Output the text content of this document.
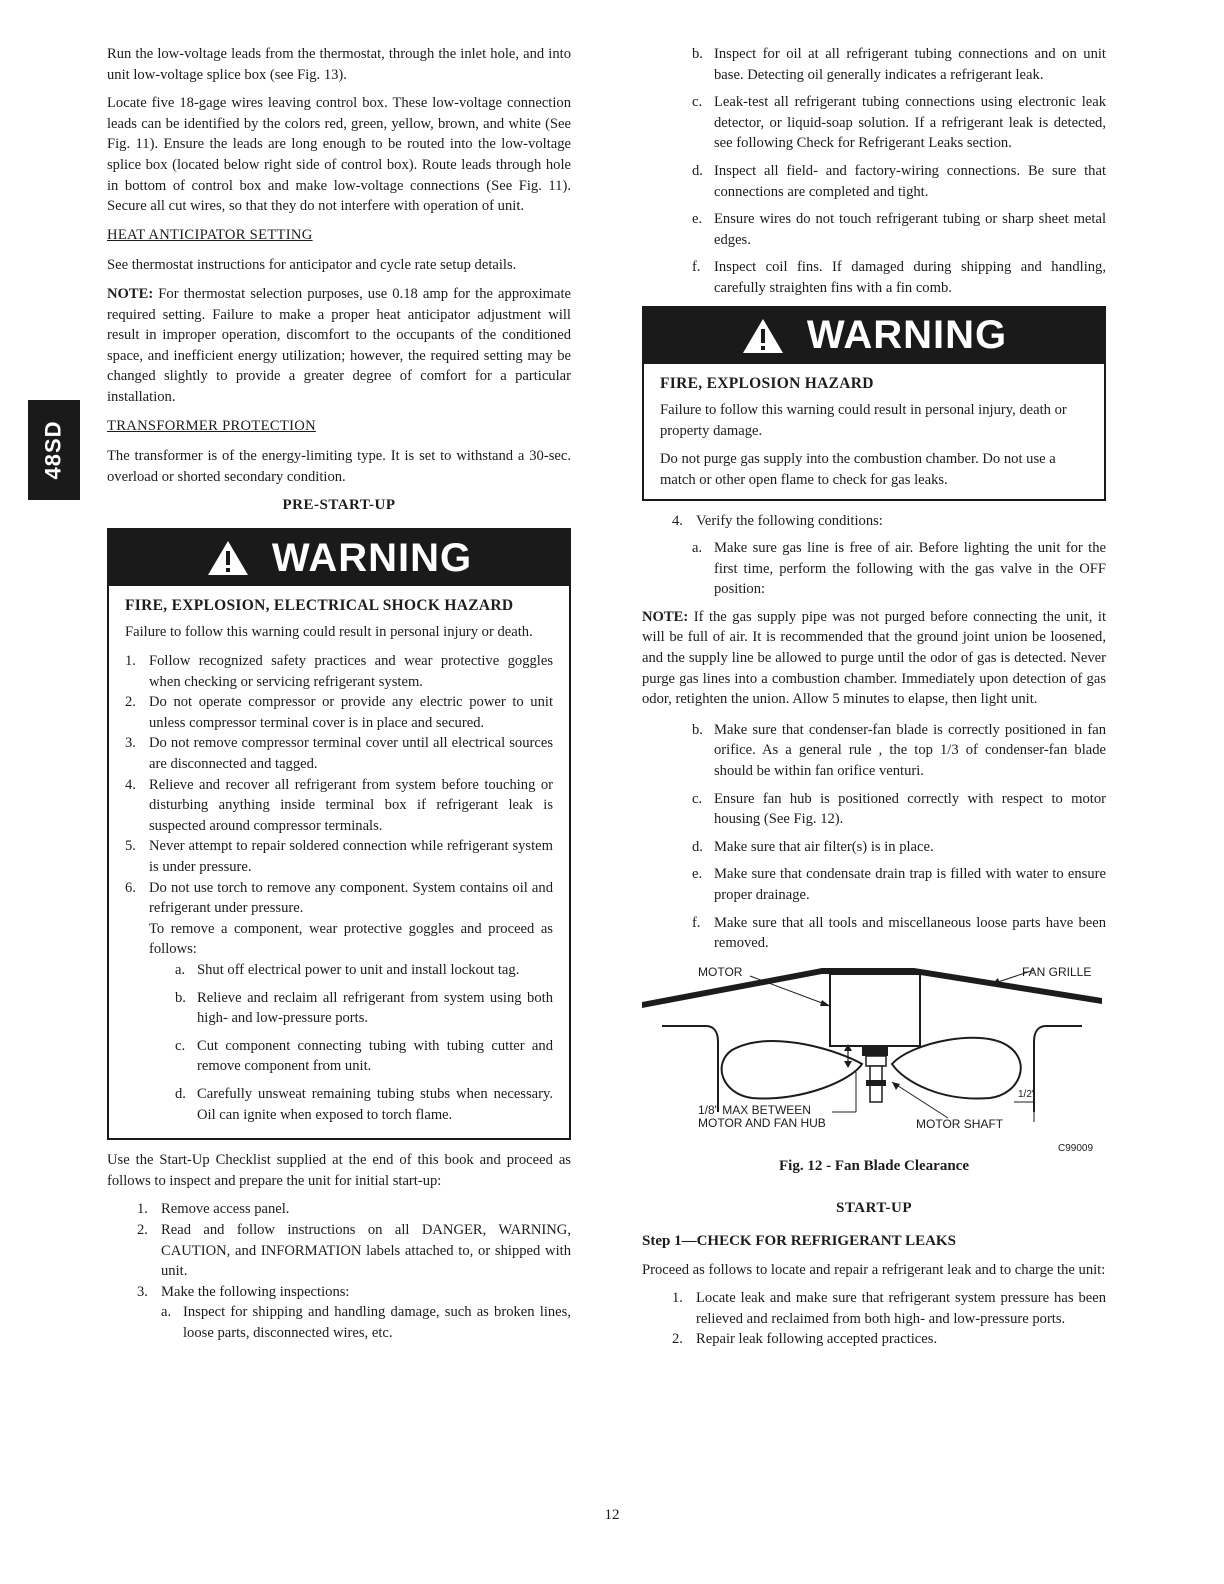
48SD

Run the low-voltage leads from the thermostat, through the inlet hole, and into unit low-voltage splice box (see Fig. 13).

Locate five 18-gage wires leaving control box. These low-voltage connection leads can be identified by the colors red, green, yellow, brown, and white (See Fig. 11). Ensure the leads are long enough to be routed into the low-voltage splice box (located below right side of control box). Route leads through hole in bottom of control box and make low-voltage connections (See Fig. 11). Secure all cut wires, so that they do not interfere with operation of unit.

HEAT ANTICIPATOR SETTING

See thermostat instructions for anticipator and cycle rate setup details.

NOTE: For thermostat selection purposes, use 0.18 amp for the approximate required setting. Failure to make a proper heat anticipator adjustment will result in improper operation, discomfort to the occupants of the conditioned space, and inefficient energy utilization; however, the required setting may be changed slightly to provide a greater degree of comfort for a particular installation.

TRANSFORMER PROTECTION

The transformer is of the energy-limiting type. It is set to withstand a 30-sec. overload or shorted secondary condition.

PRE-START-UP
WARNING
FIRE, EXPLOSION, ELECTRICAL SHOCK HAZARD

Failure to follow this warning could result in personal injury or death.

1. Follow recognized safety practices and wear protective goggles when checking or servicing refrigerant system.
2. Do not operate compressor or provide any electric power to unit unless compressor terminal cover is in place and secured.
3. Do not remove compressor terminal cover until all electrical sources are disconnected and tagged.
4. Relieve and recover all refrigerant from system before touching or disturbing anything inside terminal box if refrigerant leak is suspected around compressor terminals.
5. Never attempt to repair soldered connection while refrigerant system is under pressure.
6. Do not use torch to remove any component. System contains oil and refrigerant under pressure.
To remove a component, wear protective goggles and proceed as follows:
a. Shut off electrical power to unit and install lockout tag.
b. Relieve and reclaim all refrigerant from system using both high- and low-pressure ports.
c. Cut component connecting tubing with tubing cutter and remove component from unit.
d. Carefully unsweat remaining tubing stubs when necessary. Oil can ignite when exposed to torch flame.

Use the Start-Up Checklist supplied at the end of this book and proceed as follows to inspect and prepare the unit for initial start-up:

1. Remove access panel.
2. Read and follow instructions on all DANGER, WARNING, CAUTION, and INFORMATION labels attached to, or shipped with unit.
3. Make the following inspections:
a. Inspect for shipping and handling damage, such as broken lines, loose parts, disconnected wires, etc.
b. Inspect for oil at all refrigerant tubing connections and on unit base. Detecting oil generally indicates a refrigerant leak.
c. Leak-test all refrigerant tubing connections using electronic leak detector, or liquid-soap solution. If a refrigerant leak is detected, see following Check for Refrigerant Leaks section.
d. Inspect all field- and factory-wiring connections. Be sure that connections are completed and tight.
e. Ensure wires do not touch refrigerant tubing or sharp sheet metal edges.
f. Inspect coil fins. If damaged during shipping and handling, carefully straighten fins with a fin comb.
WARNING
FIRE, EXPLOSION HAZARD

Failure to follow this warning could result in personal injury, death or property damage.

Do not purge gas supply into the combustion chamber. Do not use a match or other open flame to check for gas leaks.

4. Verify the following conditions:
a. Make sure gas line is free of air. Before lighting the unit for the first time, perform the following with the gas valve in the OFF position:

NOTE: If the gas supply pipe was not purged before connecting the unit, it will be full of air. It is recommended that the ground joint union be loosened, and the supply line be allowed to purge until the odor of gas is detected. Never purge gas lines into a combustion chamber. Immediately upon detection of gas odor, retighten the union. Allow 5 minutes to elapse, then light unit.

b. Make sure that condenser-fan blade is correctly positioned in fan orifice. As a general rule , the top 1/3 of condenser-fan blade should be within fan orifice venturi.
c. Ensure fan hub is positioned correctly with respect to motor housing (See Fig. 12).
d. Make sure that air filter(s) is in place.
e. Make sure that condensate drain trap is filled with water to ensure proper drainage.
f. Make sure that all tools and miscellaneous loose parts have been removed.
MOTOR	FAN GRILLE
1/8" MAX BETWEEN
MOTOR AND FAN HUB	MOTOR SHAFT
1/2"
C99009
Fig. 12 - Fan Blade Clearance
START-UP
Step 1—CHECK FOR REFRIGERANT LEAKS

Proceed as follows to locate and repair a refrigerant leak and to charge the unit:

1. Locate leak and make sure that refrigerant system pressure has been relieved and reclaimed from both high- and low-pressure ports.
2. Repair leak following accepted practices.
12
